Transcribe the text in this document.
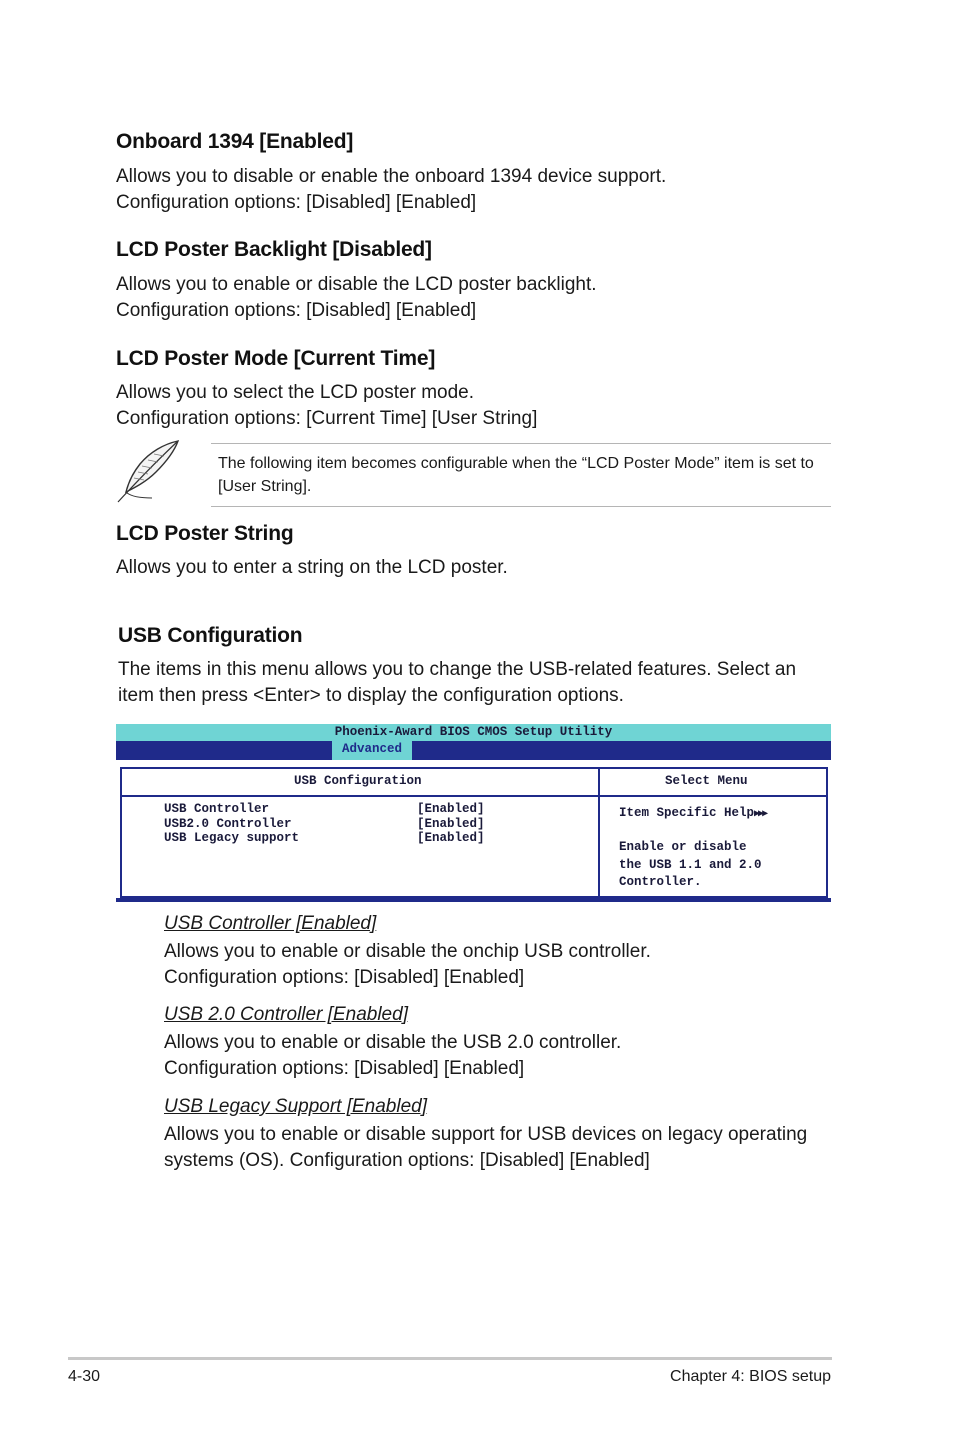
Onboard 1394 [Enabled]
Allows you to disable or enable the onboard 1394 device support.
Configuration options: [Disabled] [Enabled]
LCD Poster Backlight [Disabled]
Allows you to enable or disable the LCD poster backlight.
Configuration options: [Disabled] [Enabled]
LCD Poster Mode [Current Time]
Allows you to select the LCD poster mode.
Configuration options: [Current Time] [User String]
The following item becomes configurable when the “LCD Poster Mode” item is set to [User String].
LCD Poster String
Allows you to enter a string on the LCD poster.
USB Configuration
The items in this menu allows you to change the USB-related features. Select an
item then press <Enter> to display the configuration options.
Phoenix-Award BIOS CMOS Setup Utility
Advanced
USB Configuration	Select Menu
USB Controller	[Enabled]
USB2.0 Controller	[Enabled]
USB Legacy support	[Enabled]
Item Specific Help▶▶▶
Enable or disable
the USB 1.1 and 2.0
Controller.
USB Controller [Enabled]
Allows you to enable or disable the onchip USB controller.
Configuration options: [Disabled] [Enabled]
USB 2.0 Controller [Enabled]
Allows you to enable or disable the USB 2.0 controller.
Configuration options: [Disabled] [Enabled]
USB Legacy Support [Enabled]
Allows you to enable or disable support for USB devices on legacy operating
systems (OS). Configuration options: [Disabled] [Enabled]
4-30	Chapter 4: BIOS setup
